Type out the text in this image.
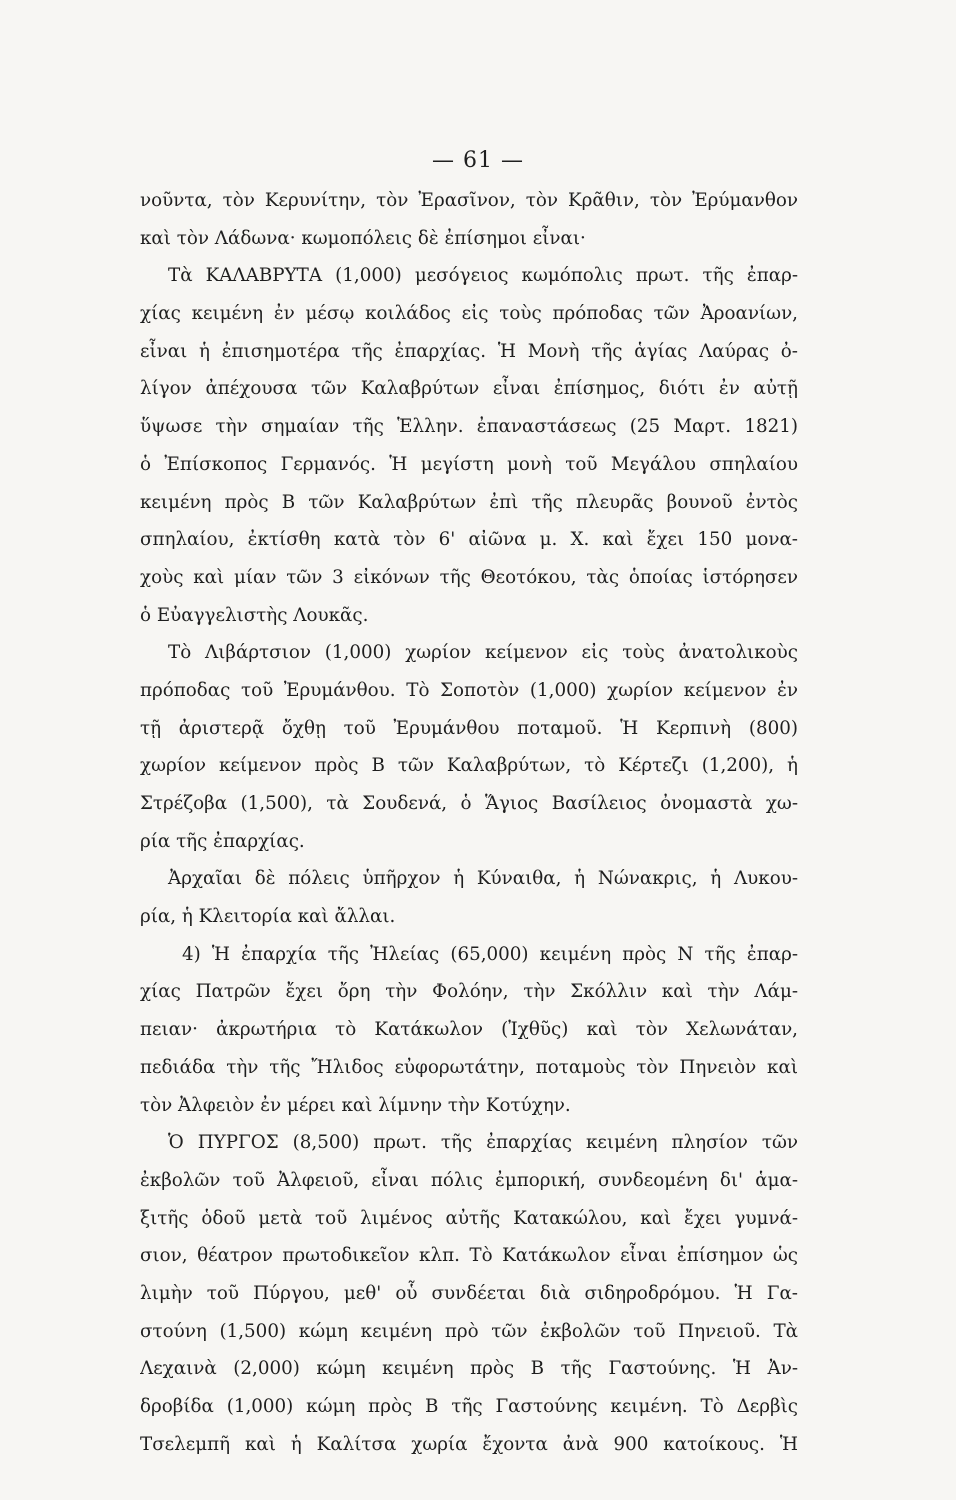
— 61 —
νοῦντα, τὸν Κερυνίτην, τὸν Ἐρασῖνον, τὸν Κρᾶθιν, τὸν Ἐρύμανθον
καὶ τὸν Λάδωνα· κωμοπόλεις δὲ ἐπίσημοι εἶναι·
Τὰ ΚΑΛΑΒΡΥΤΑ (1,000) μεσόγειος κωμόπολις πρωτ. τῆς ἐπαρ-
χίας κειμένη ἐν μέσῳ κοιλάδος εἰς τοὺς πρόποδας τῶν Ἀροανίων,
εἶναι ἡ ἐπισημοτέρα τῆς ἐπαρχίας. Ἡ Μονὴ τῆς ἁγίας Λαύρας ὀ-
λίγον ἀπέχουσα τῶν Καλαβρύτων εἶναι ἐπίσημος, διότι ἐν αὐτῇ
ὕψωσε τὴν σημαίαν τῆς Ἑλλην. ἐπαναστάσεως (25 Μαρτ. 1821)
ὁ Ἐπίσκοπος Γερμανός. Ἡ μεγίστη μονὴ τοῦ Μεγάλου σπηλαίου
κειμένη πρὸς Β τῶν Καλαβρύτων ἐπὶ τῆς πλευρᾶς βουνοῦ ἐντὸς
σπηλαίου, ἐκτίσθη κατὰ τὸν 6' αἰῶνα μ. Χ. καὶ ἔχει 150 μονα-
χοὺς καὶ μίαν τῶν 3 εἰκόνων τῆς Θεοτόκου, τὰς ὁποίας ἱστόρησεν
ὁ Εὐαγγελιστὴς Λουκᾶς.
Τὸ Λιβάρτσιον (1,000) χωρίον κείμενον εἰς τοὺς ἀνατολικοὺς
πρόποδας τοῦ Ἐρυμάνθου. Τὸ Σοποτὸν (1,000) χωρίον κείμενον ἐν
τῇ ἀριστερᾷ ὄχθῃ τοῦ Ἐρυμάνθου ποταμοῦ. Ἡ Κερπινὴ (800)
χωρίον κείμενον πρὸς Β τῶν Καλαβρύτων, τὸ Κέρτεζι (1,200), ἡ
Στρέζοβα (1,500), τὰ Σουδενά, ὁ Ἅγιος Βασίλειος ὀνομαστὰ χω-
ρία τῆς ἐπαρχίας.
Ἀρχαῖαι δὲ πόλεις ὑπῆρχον ἡ Κύναιθα, ἡ Νώνακρις, ἡ Λυκου-
ρία, ἡ Κλειτορία καὶ ἄλλαι.
4) Ἡ ἐπαρχία τῆς Ἠλείας (65,000) κειμένη πρὸς Ν τῆς ἐπαρ-
χίας Πατρῶν ἔχει ὄρη τὴν Φολόην, τὴν Σκόλλιν καὶ τὴν Λάμ-
πειαν· ἀκρωτήρια τὸ Κατάκωλον (Ἰχθῦς) καὶ τὸν Χελωνάταν,
πεδιάδα τὴν τῆς Ἤλιδος εὐφορωτάτην, ποταμοὺς τὸν Πηνειὸν καὶ
τὸν Ἀλφειὸν ἐν μέρει καὶ λίμνην τὴν Κοτύχην.
Ὁ ΠΥΡΓΟΣ (8,500) πρωτ. τῆς ἐπαρχίας κειμένη πλησίον τῶν
ἐκβολῶν τοῦ Ἀλφειοῦ, εἶναι πόλις ἐμπορική, συνδεομένη δι' ἁμα-
ξιτῆς ὁδοῦ μετὰ τοῦ λιμένος αὐτῆς Κατακώλου, καὶ ἔχει γυμνά-
σιον, θέατρον πρωτοδικεῖον κλπ. Τὸ Κατάκωλον εἶναι ἐπίσημον ὡς
λιμὴν τοῦ Πύργου, μεθ' οὗ συνδέεται διὰ σιδηροδρόμου. Ἡ Γα-
στούνη (1,500) κώμη κειμένη πρὸ τῶν ἐκβολῶν τοῦ Πηνειοῦ. Τὰ
Λεχαινὰ (2,000) κώμη κειμένη πρὸς Β τῆς Γαστούνης. Ἡ Ἀν-
δροβίδα (1,000) κώμη πρὸς Β τῆς Γαστούνης κειμένη. Τὸ Δερβὶς
Τσελεμπῆ καὶ ἡ Καλίτσα χωρία ἔχοντα ἀνὰ 900 κατοίκους. Ἡ
